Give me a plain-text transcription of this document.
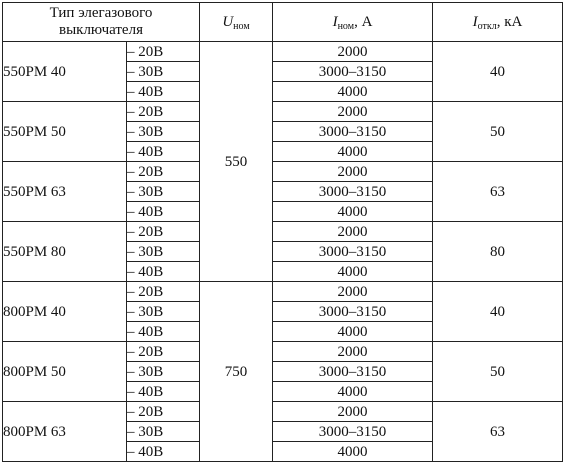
Тип элегазового
выключателя		$U_{ном}$	$I_{ном}$, А	$I_{откл}$, кА
550РМ 40	– 20В	550	2000	40
	– 30В		3000–3150	
	– 40В		4000	
550РМ 50	– 20В		2000	50
	– 30В		3000–3150	
	– 40В		4000	
550РМ 63	– 20В		2000	63
	– 30В		3000–3150	
	– 40В		4000	
550РМ 80	– 20В		2000	80
	– 30В		3000–3150	
	– 40В		4000	
800РМ 40	– 20В	750	2000	40
	– 30В		3000–3150	
	– 40В		4000	
800РМ 50	– 20В		2000	50
	– 30В		3000–3150	
	– 40В		4000	
800РМ 63	– 20В		2000	63
	– 30В		3000–3150	
	– 40В		4000	
